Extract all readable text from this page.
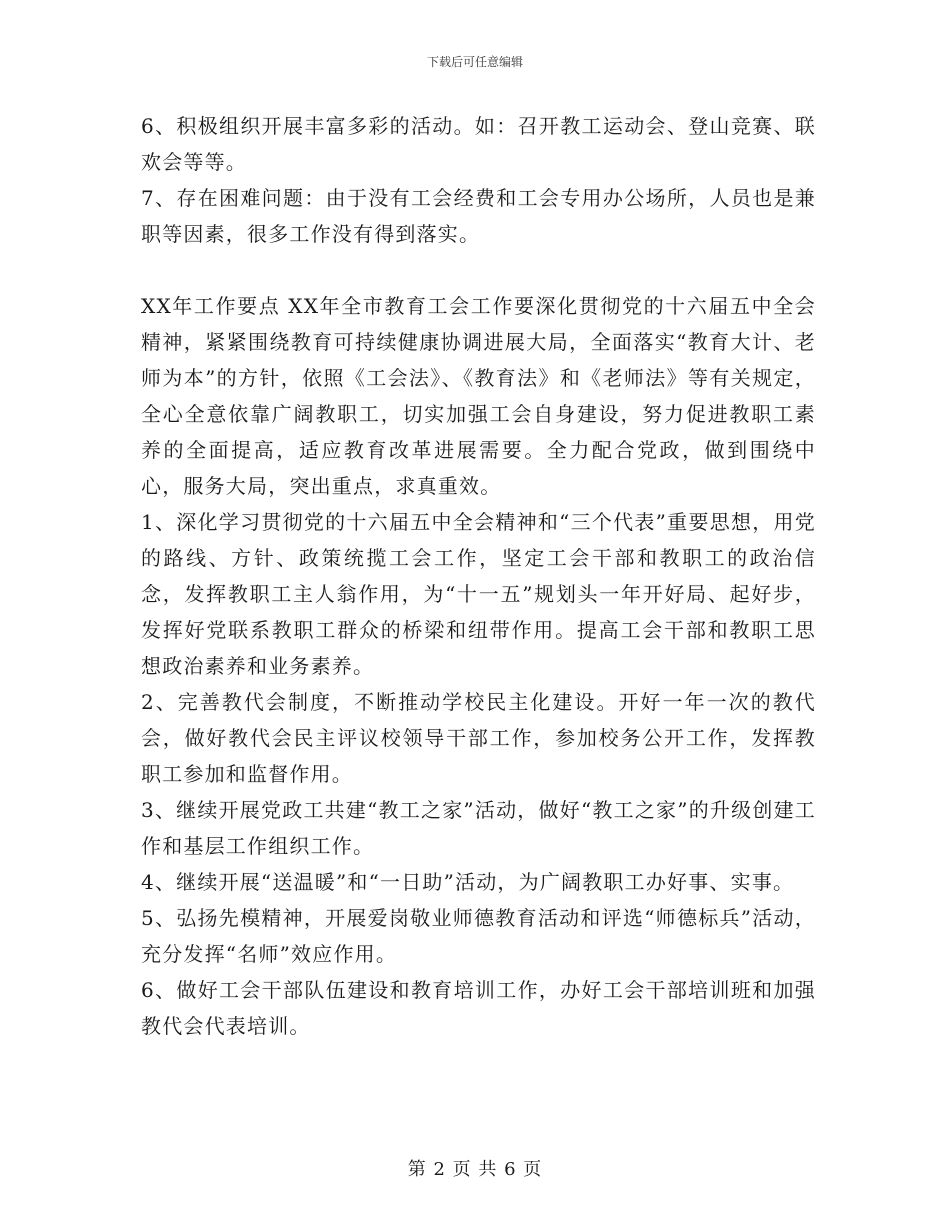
下载后可任意编辑

6、积极组织开展丰富多彩的活动。如：召开教工运动会、登山竞赛、联欢会等等。

7、存在困难问题：由于没有工会经费和工会专用办公场所，人员也是兼职等因素，很多工作没有得到落实。

XX年工作要点 XX年全市教育工会工作要深化贯彻党的十六届五中全会精神，紧紧围绕教育可持续健康协调进展大局，全面落实“教育大计、老师为本”的方针，依照《工会法》、《教育法》和《老师法》等有关规定，全心全意依靠广阔教职工，切实加强工会自身建设，努力促进教职工素养的全面提高，适应教育改革进展需要。全力配合党政，做到围绕中心，服务大局，突出重点，求真重效。

1、深化学习贯彻党的十六届五中全会精神和“三个代表”重要思想，用党的路线、方针、政策统揽工会工作，坚定工会干部和教职工的政治信念，发挥教职工主人翁作用，为“十一五”规划头一年开好局、起好步，发挥好党联系教职工群众的桥梁和纽带作用。提高工会干部和教职工思想政治素养和业务素养。

2、完善教代会制度，不断推动学校民主化建设。开好一年一次的教代会，做好教代会民主评议校领导干部工作，参加校务公开工作，发挥教职工参加和监督作用。

3、继续开展党政工共建“教工之家”活动，做好“教工之家”的升级创建工作和基层工作组织工作。

4、继续开展“送温暖”和“一日助”活动，为广阔教职工办好事、实事。

5、弘扬先模精神，开展爱岗敬业师德教育活动和评选“师德标兵”活动，充分发挥“名师”效应作用。

6、做好工会干部队伍建设和教育培训工作，办好工会干部培训班和加强教代会代表培训。

第 2 页 共 6 页
